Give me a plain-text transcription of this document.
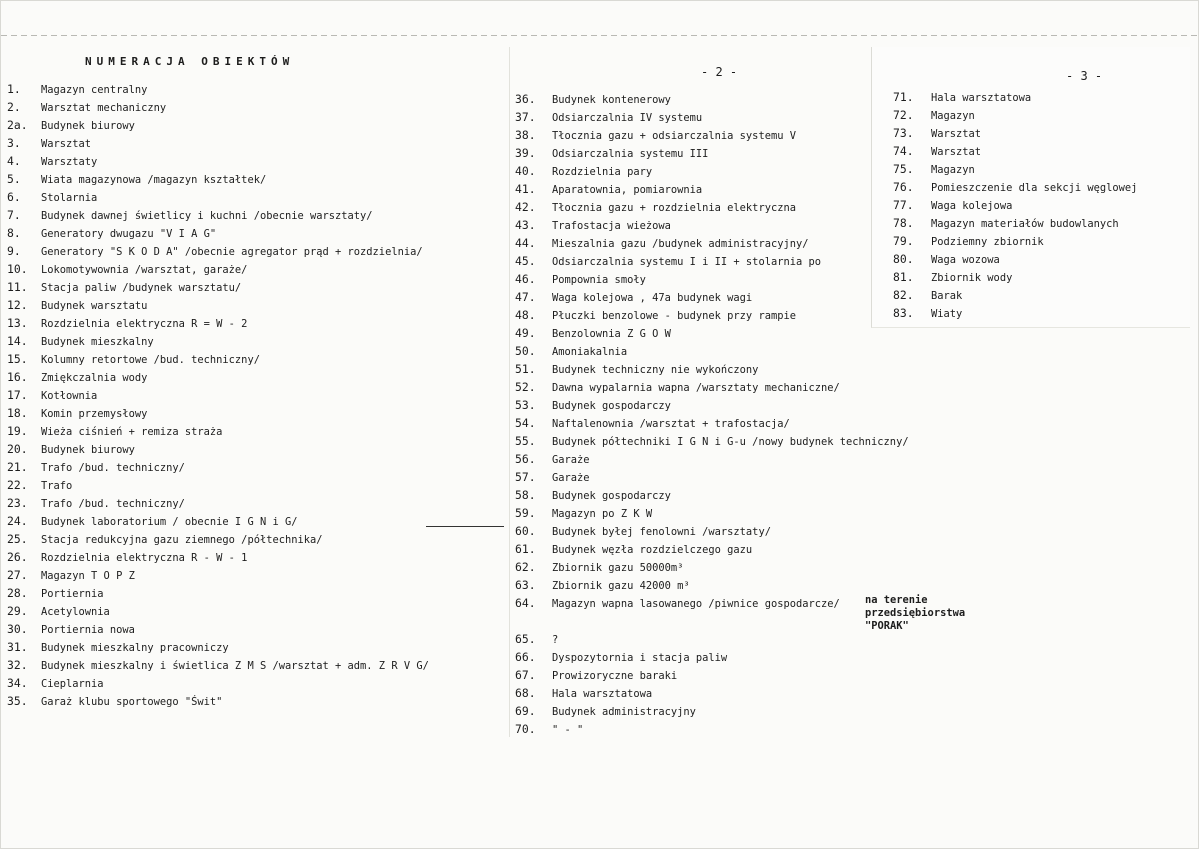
NUMERACJA OBIEKTÓW
- 2 -	- 3 -
1. Magazyn centralny
2. Warsztat mechaniczny
2a. Budynek biurowy
3. Warsztat
4. Warsztaty
5. Wiata magazynowa /magazyn kształtek/
6. Stolarnia
7. Budynek dawnej świetlicy i kuchni /obecnie warsztaty/
8. Generatory dwugazu "V I A G"
9. Generatory "S K O D A" /obecnie agregator prąd + rozdzielnia/
10. Lokomotywownia /warsztat, garaże/
11. Stacja paliw /budynek warsztatu/
12. Budynek warsztatu
13. Rozdzielnia elektryczna R = W - 2
14. Budynek mieszkalny
15. Kolumny retortowe /bud. techniczny/
16. Zmiękczalnia wody
17. Kotłownia
18. Komin przemysłowy
19. Wieża ciśnień + remiza straża
20. Budynek biurowy
21. Trafo /bud. techniczny/
22. Trafo
23. Trafo /bud. techniczny/
24. Budynek laboratorium / obecnie I G N i G/
25. Stacja redukcyjna gazu ziemnego /półtechnika/
26. Rozdzielnia elektryczna R - W - 1
27. Magazyn T O P Z
28. Portiernia
29. Acetylownia
30. Portiernia nowa
31. Budynek mieszkalny pracowniczy
32. Budynek mieszkalny i świetlica Z M S /warsztat + adm. Z R V G/
34. Cieplarnia
35. Garaż klubu sportowego "Świt"
36. Budynek kontenerowy
37. Odsiarczalnia IV systemu
38. Tłocznia gazu + odsiarczalnia systemu V
39. Odsiarczalnia systemu III
40. Rozdzielnia pary
41. Aparatownia, pomiarownia
42. Tłocznia gazu + rozdzielnia elektryczna
43. Trafostacja wieżowa
44. Mieszalnia gazu /budynek administracyjny/
45. Odsiarczalnia systemu I i II + stolarnia po
46. Pompownia smoły
47. Waga kolejowa , 47a budynek wagi
48. Płuczki benzolowe - budynek przy rampie
49. Benzolownia Z G O W
50. Amoniakalnia
51. Budynek techniczny nie wykończony
52. Dawna wypalarnia wapna /warsztaty mechaniczne/
53. Budynek gospodarczy
54. Naftalenownia /warsztat + trafostacja/
55. Budynek półtechniki I G N i G-u /nowy budynek techniczny/
56. Garaże
57. Garaże
58. Budynek gospodarczy
59. Magazyn po Z K W
60. Budynek byłej fenolowni /warsztaty/
61. Budynek węzła rozdzielczego gazu
62. Zbiornik gazu 50000m³
63. Zbiornik gazu 42000 m³
64. Magazyn wapna lasowanego /piwnice gospodarcze/ na terenie przedsiębiorstwa "PORAK"
65. ?
66. Dyspozytornia i stacja paliw
67. Prowizoryczne baraki
68. Hala warsztatowa
69. Budynek administracyjny
70. " - "
71. Hala warsztatowa
72. Magazyn
73. Warsztat
74. Warsztat
75. Magazyn
76. Pomieszczenie dla sekcji węglowej
77. Waga kolejowa
78. Magazyn materiałów budowlanych
79. Podziemny zbiornik
80. Waga wozowa
81. Zbiornik wody
82. Barak
83. Wiaty
